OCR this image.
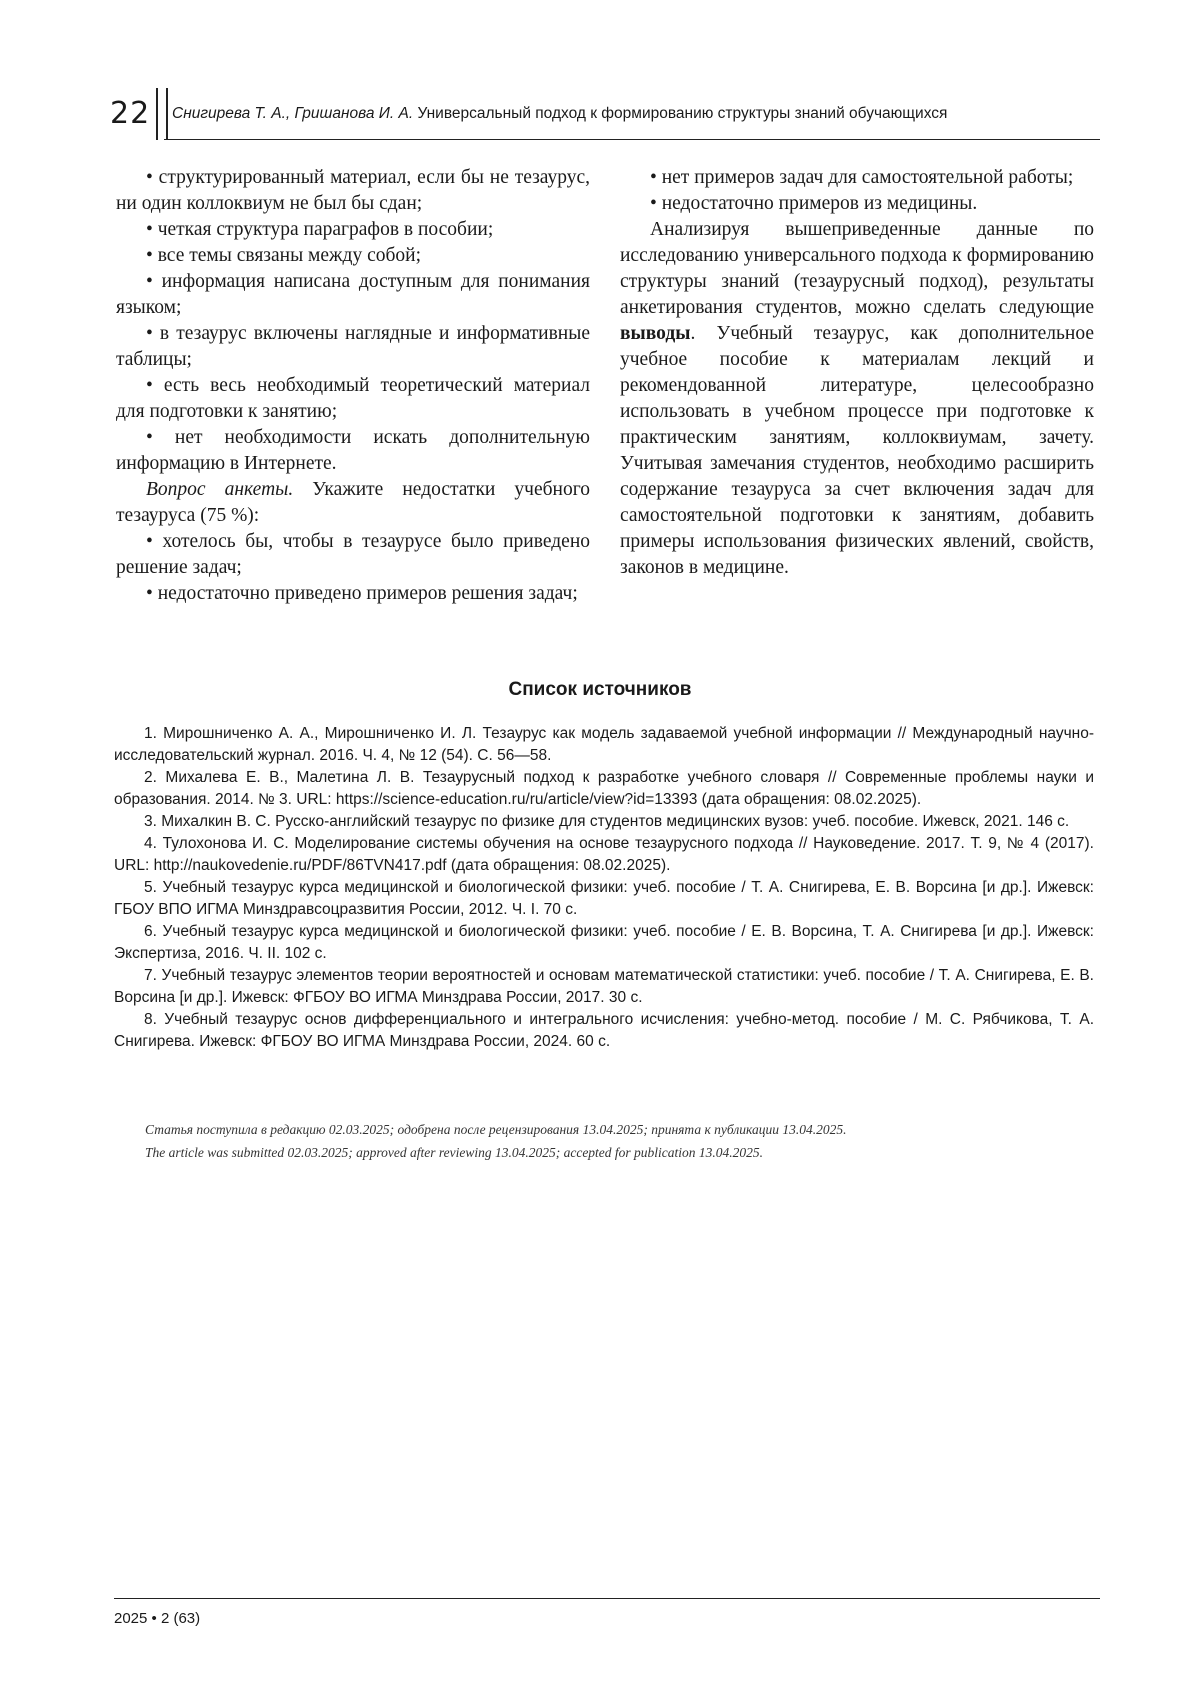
22 Снигирева Т. А., Гришанова И. А. Универсальный подход к формированию структуры знаний обучающихся

• структурированный материал, если бы не тезаурус, ни один коллоквиум не был бы сдан;

• четкая структура параграфов в пособии;

• все темы связаны между собой;

• информация написана доступным для понимания языком;

• в тезаурус включены наглядные и информативные таблицы;

• есть весь необходимый теоретический материал для подготовки к занятию;

• нет необходимости искать дополнительную информацию в Интернете.

Вопрос анкеты. Укажите недостатки учебного тезауруса (75 %):

• хотелось бы, чтобы в тезаурусе было приведено решение задач;

• недостаточно приведено примеров решения задач;

• нет примеров задач для самостоятельной работы;

• недостаточно примеров из медицины.

Анализируя вышеприведенные данные по исследованию универсального подхода к формированию структуры знаний (тезаурусный подход), результаты анкетирования студентов, можно сделать следующие выводы. Учебный тезаурус, как дополнительное учебное пособие к материалам лекций и рекомендованной литературе, целесообразно использовать в учебном процессе при подготовке к практическим занятиям, коллоквиумам, зачету. Учитывая замечания студентов, необходимо расширить содержание тезауруса за счет включения задач для самостоятельной подготовки к занятиям, добавить примеры использования физических явлений, свойств, законов в медицине.

Список источников

1. Мирошниченко А. А., Мирошниченко И. Л. Тезаурус как модель задаваемой учебной информации // Международный научно-исследовательский журнал. 2016. Ч. 4, № 12 (54). С. 56—58.

2. Михалева Е. В., Малетина Л. В. Тезаурусный подход к разработке учебного словаря // Современные проблемы науки и образования. 2014. № 3. URL: https://science-education.ru/ru/article/view?id=13393 (дата обращения: 08.02.2025).

3. Михалкин В. С. Русско-английский тезаурус по физике для студентов медицинских вузов: учеб. пособие. Ижевск, 2021. 146 с.

4. Тулохонова И. С. Моделирование системы обучения на основе тезаурусного подхода // Науковедение. 2017. Т. 9, № 4 (2017). URL: http://naukovedenie.ru/PDF/86TVN417.pdf (дата обращения: 08.02.2025).

5. Учебный тезаурус курса медицинской и биологической физики: учеб. пособие / Т. А. Снигирева, Е. В. Ворсина [и др.]. Ижевск: ГБОУ ВПО ИГМА Минздравсоцразвития России, 2012. Ч. I. 70 с.

6. Учебный тезаурус курса медицинской и биологической физики: учеб. пособие / Е. В. Ворсина, Т. А. Снигирева [и др.]. Ижевск: Экспертиза, 2016. Ч. II. 102 с.

7. Учебный тезаурус элементов теории вероятностей и основам математической статистики: учеб. пособие / Т. А. Снигирева, Е. В. Ворсина [и др.]. Ижевск: ФГБОУ ВО ИГМА Минздрава России, 2017. 30 с.

8. Учебный тезаурус основ дифференциального и интегрального исчисления: учебно-метод. пособие / М. С. Рябчикова, Т. А. Снигирева. Ижевск: ФГБОУ ВО ИГМА Минздрава России, 2024. 60 с.

Статья поступила в редакцию 02.03.2025; одобрена после рецензирования 13.04.2025; принята к публикации 13.04.2025.
The article was submitted 02.03.2025; approved after reviewing 13.04.2025; accepted for publication 13.04.2025.
2025 • 2 (63)
